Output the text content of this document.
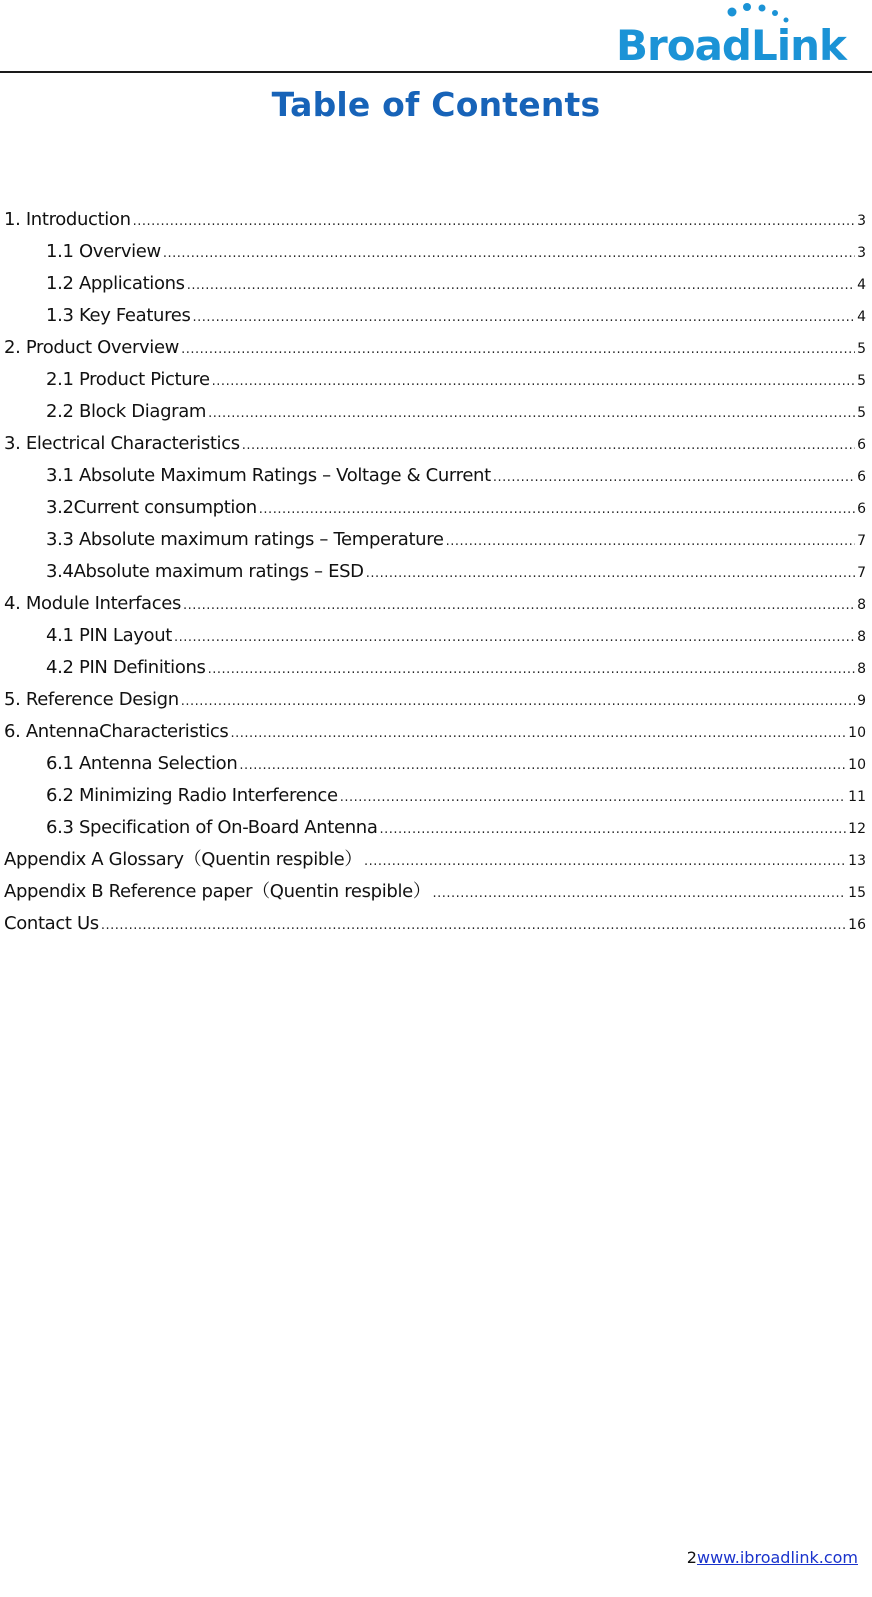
BroadLink
Table of Contents
1. Introduction .....	3
1.1 Overview .....	3
1.2 Applications .....	4
1.3 Key Features .....	4
2. Product Overview .....	5
2.1 Product Picture .....	5
2.2 Block Diagram .....	5
3. Electrical Characteristics .....	6
3.1 Absolute Maximum Ratings – Voltage & Current .....	6
3.2Current consumption .....	6
3.3 Absolute maximum ratings – Temperature .....	7
3.4Absolute maximum ratings – ESD .....	7
4. Module Interfaces .....	8
4.1 PIN Layout .....	8
4.2 PIN Definitions .....	8
5. Reference Design .....	9
6. AntennaCharacteristics .....	10
6.1 Antenna Selection .....	10
6.2 Minimizing Radio Interference .....	11
6.3 Specification of On-Board Antenna .....	12
Appendix A Glossary（Quentin respible） .....	13
Appendix B Reference paper（Quentin respible） .....	15
Contact Us .....	16
2www.ibroadlink.com
